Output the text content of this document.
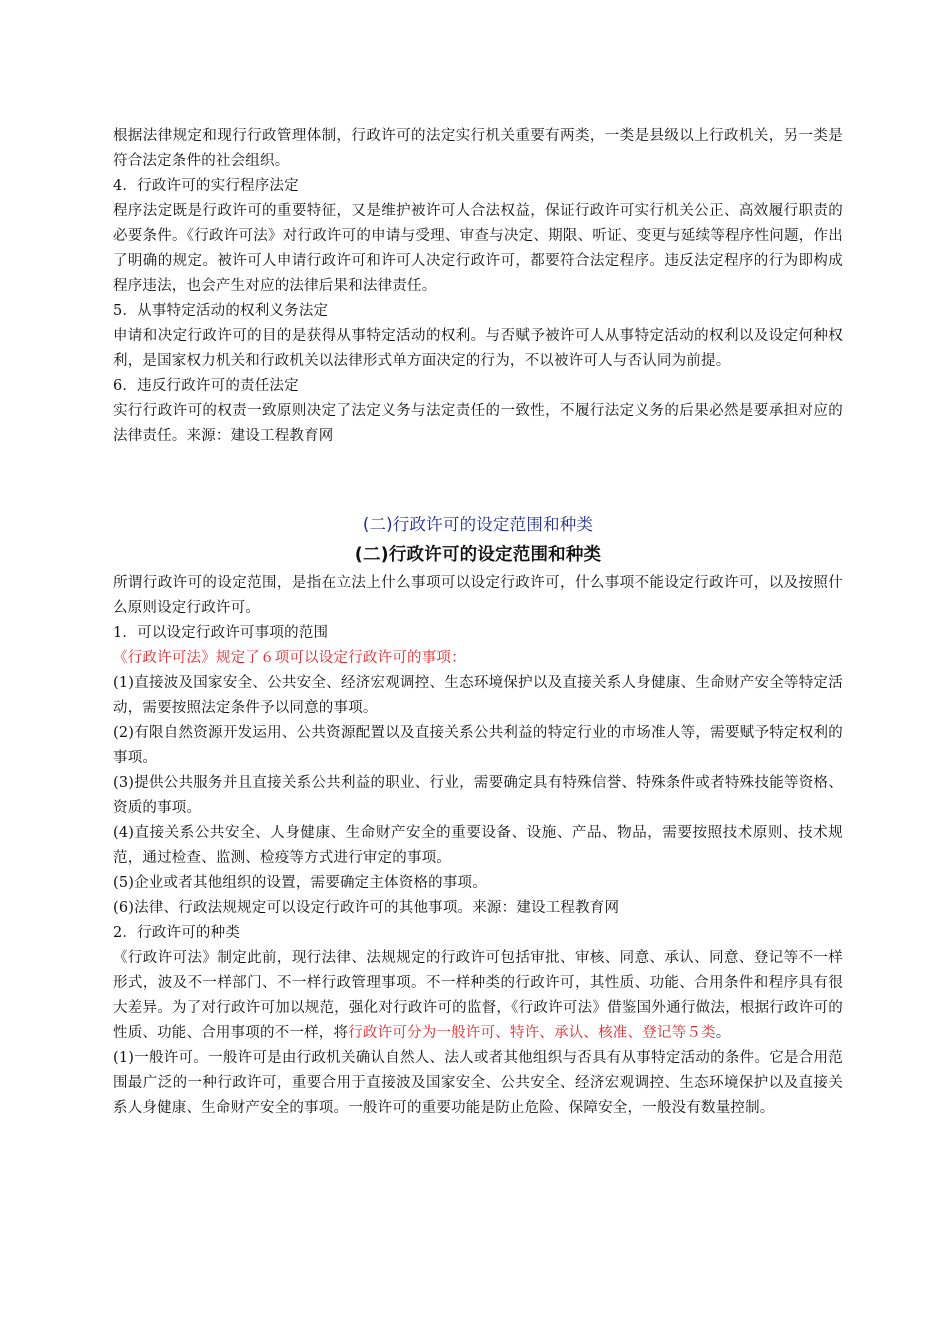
根据法律规定和现行行政管理体制，行政许可的法定实行机关重要有两类，一类是县级以上行政机关，另一类是符合法定条件的社会组织。

4．行政许可的实行程序法定

程序法定既是行政许可的重要特征，又是维护被许可人合法权益，保证行政许可实行机关公正、高效履行职责的必要条件。《行政许可法》对行政许可的申请与受理、审查与决定、期限、听证、变更与延续等程序性问题，作出了明确的规定。被许可人申请行政许可和许可人决定行政许可，都要符合法定程序。违反法定程序的行为即构成程序违法，也会产生对应的法律后果和法律责任。

5．从事特定活动的权利义务法定

申请和决定行政许可的目的是获得从事特定活动的权利。与否赋予被许可人从事特定活动的权利以及设定何种权利，是国家权力机关和行政机关以法律形式单方面决定的行为，不以被许可人与否认同为前提。

6．违反行政许可的责任法定

实行行政许可的权责一致原则决定了法定义务与法定责任的一致性，不履行法定义务的后果必然是要承担对应的法律责任。来源：建设工程教育网

(二)行政许可的设定范围和种类

(二)行政许可的设定范围和种类

所谓行政许可的设定范围，是指在立法上什么事项可以设定行政许可，什么事项不能设定行政许可，以及按照什么原则设定行政许可。

1．可以设定行政许可事项的范围

《行政许可法》规定了６项可以设定行政许可的事项：

(1)直接波及国家安全、公共安全、经济宏观调控、生态环境保护以及直接关系人身健康、生命财产安全等特定活动，需要按照法定条件予以同意的事项。

(2)有限自然资源开发运用、公共资源配置以及直接关系公共利益的特定行业的市场准人等，需要赋予特定权利的事项。

(3)提供公共服务并且直接关系公共利益的职业、行业，需要确定具有特殊信誉、特殊条件或者特殊技能等资格、资质的事项。

(4)直接关系公共安全、人身健康、生命财产安全的重要设备、设施、产品、物品，需要按照技术原则、技术规范，通过检查、监测、检疫等方式进行审定的事项。

(5)企业或者其他组织的设置，需要确定主体资格的事项。

(6)法律、行政法规规定可以设定行政许可的其他事项。来源：建设工程教育网

2．行政许可的种类

《行政许可法》制定此前，现行法律、法规规定的行政许可包括审批、审核、同意、承认、同意、登记等不一样形式，波及不一样部门、不一样行政管理事项。不一样种类的行政许可，其性质、功能、合用条件和程序具有很大差异。为了对行政许可加以规范，强化对行政许可的监督，《行政许可法》借鉴国外通行做法，根据行政许可的性质、功能、合用事项的不一样，将行政许可分为一般许可、特许、承认、核准、登记等５类。

(1)一般许可。一般许可是由行政机关确认自然人、法人或者其他组织与否具有从事特定活动的条件。它是合用范围最广泛的一种行政许可，重要合用于直接波及国家安全、公共安全、经济宏观调控、生态环境保护以及直接关系人身健康、生命财产安全的事项。一般许可的重要功能是防止危险、保障安全，一般没有数量控制。
